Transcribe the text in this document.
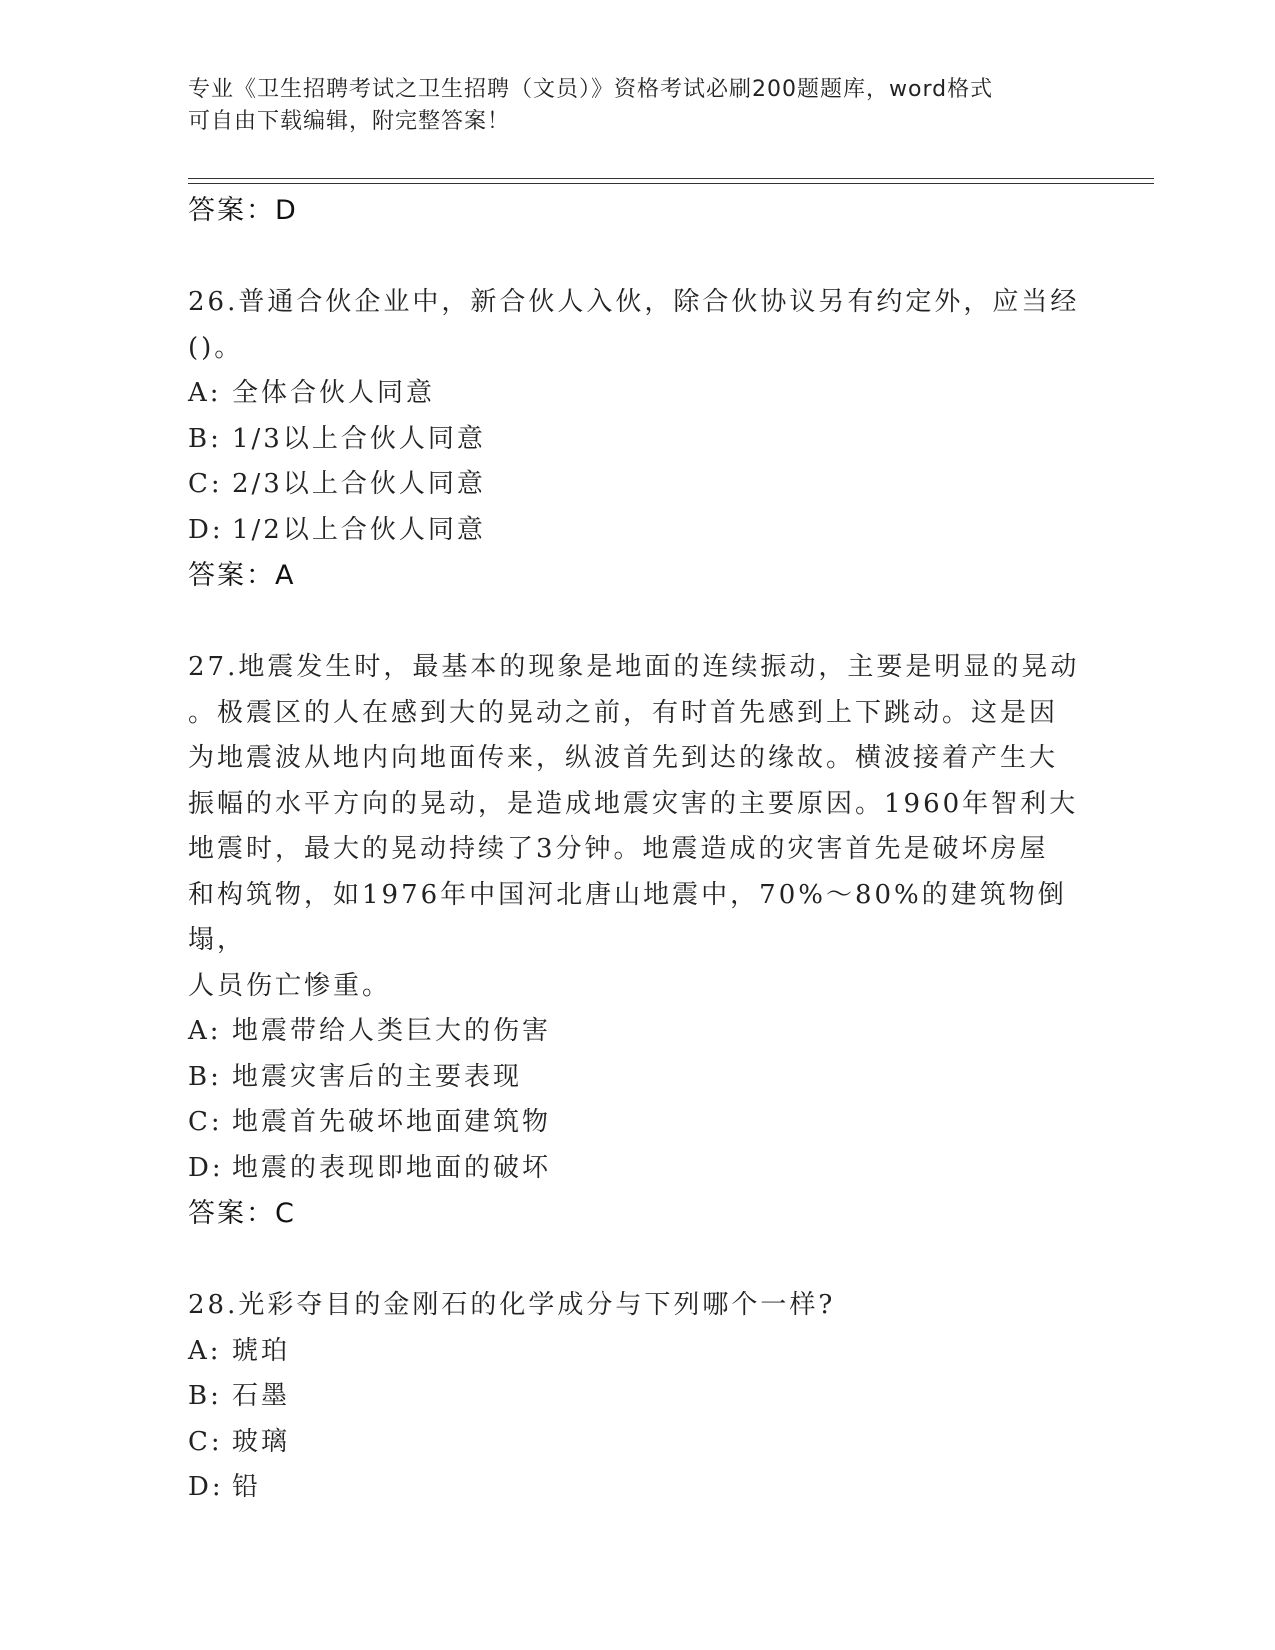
专业《卫生招聘考试之卫生招聘（文员）》资格考试必刷200题题库，word格式
可自由下载编辑，附完整答案！

答案：D

26.普通合伙企业中，新合伙人入伙，除合伙协议另有约定外，应当经

()。

A: 全体合伙人同意

B: 1/3以上合伙人同意

C: 2/3以上合伙人同意

D: 1/2以上合伙人同意

答案：A

27.地震发生时，最基本的现象是地面的连续振动，主要是明显的晃动

。极震区的人在感到大的晃动之前，有时首先感到上下跳动。这是因

为地震波从地内向地面传来，纵波首先到达的缘故。横波接着产生大

振幅的水平方向的晃动，是造成地震灾害的主要原因。1960年智利大

地震时，最大的晃动持续了3分钟。地震造成的灾害首先是破坏房屋

和构筑物，如1976年中国河北唐山地震中，70%～80%的建筑物倒塌，

人员伤亡惨重。

A: 地震带给人类巨大的伤害

B: 地震灾害后的主要表现

C: 地震首先破坏地面建筑物

D: 地震的表现即地面的破坏

答案：C

28.光彩夺目的金刚石的化学成分与下列哪个一样?

A: 琥珀

B: 石墨

C: 玻璃

D: 铅
